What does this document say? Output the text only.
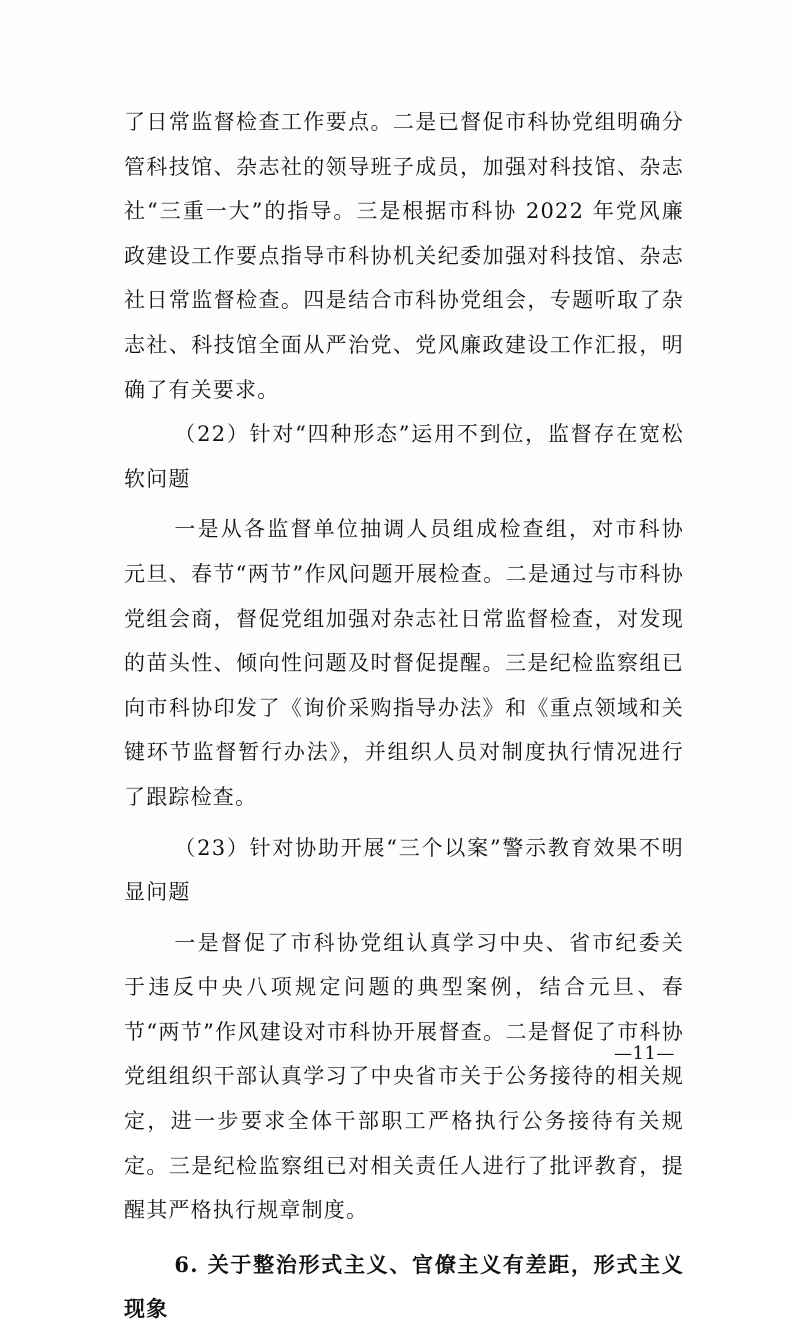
了日常监督检查工作要点。二是已督促市科协党组明确分管科技馆、杂志社的领导班子成员，加强对科技馆、杂志社“三重一大”的指导。三是根据市科协 2022 年党风廉政建设工作要点指导市科协机关纪委加强对科技馆、杂志社日常监督检查。四是结合市科协党组会，专题听取了杂志社、科技馆全面从严治党、党风廉政建设工作汇报，明确了有关要求。

（22）针对“四种形态”运用不到位，监督存在宽松软问题

一是从各监督单位抽调人员组成检查组，对市科协元旦、春节“两节”作风问题开展检查。二是通过与市科协党组会商，督促党组加强对杂志社日常监督检查，对发现的苗头性、倾向性问题及时督促提醒。三是纪检监察组已向市科协印发了《询价采购指导办法》和《重点领域和关键环节监督暂行办法》，并组织人员对制度执行情况进行了跟踪检查。

（23）针对协助开展“三个以案”警示教育效果不明显问题

一是督促了市科协党组认真学习中央、省市纪委关于违反中央八项规定问题的典型案例，结合元旦、春节“两节”作风建设对市科协开展督查。二是督促了市科协党组组织干部认真学习了中央省市关于公务接待的相关规定，进一步要求全体干部职工严格执行公务接待有关规定。三是纪检监察组已对相关责任人进行了批评教育，提醒其严格执行规章制度。

6. 关于整治形式主义、官僚主义有差距，形式主义现象

—11—
